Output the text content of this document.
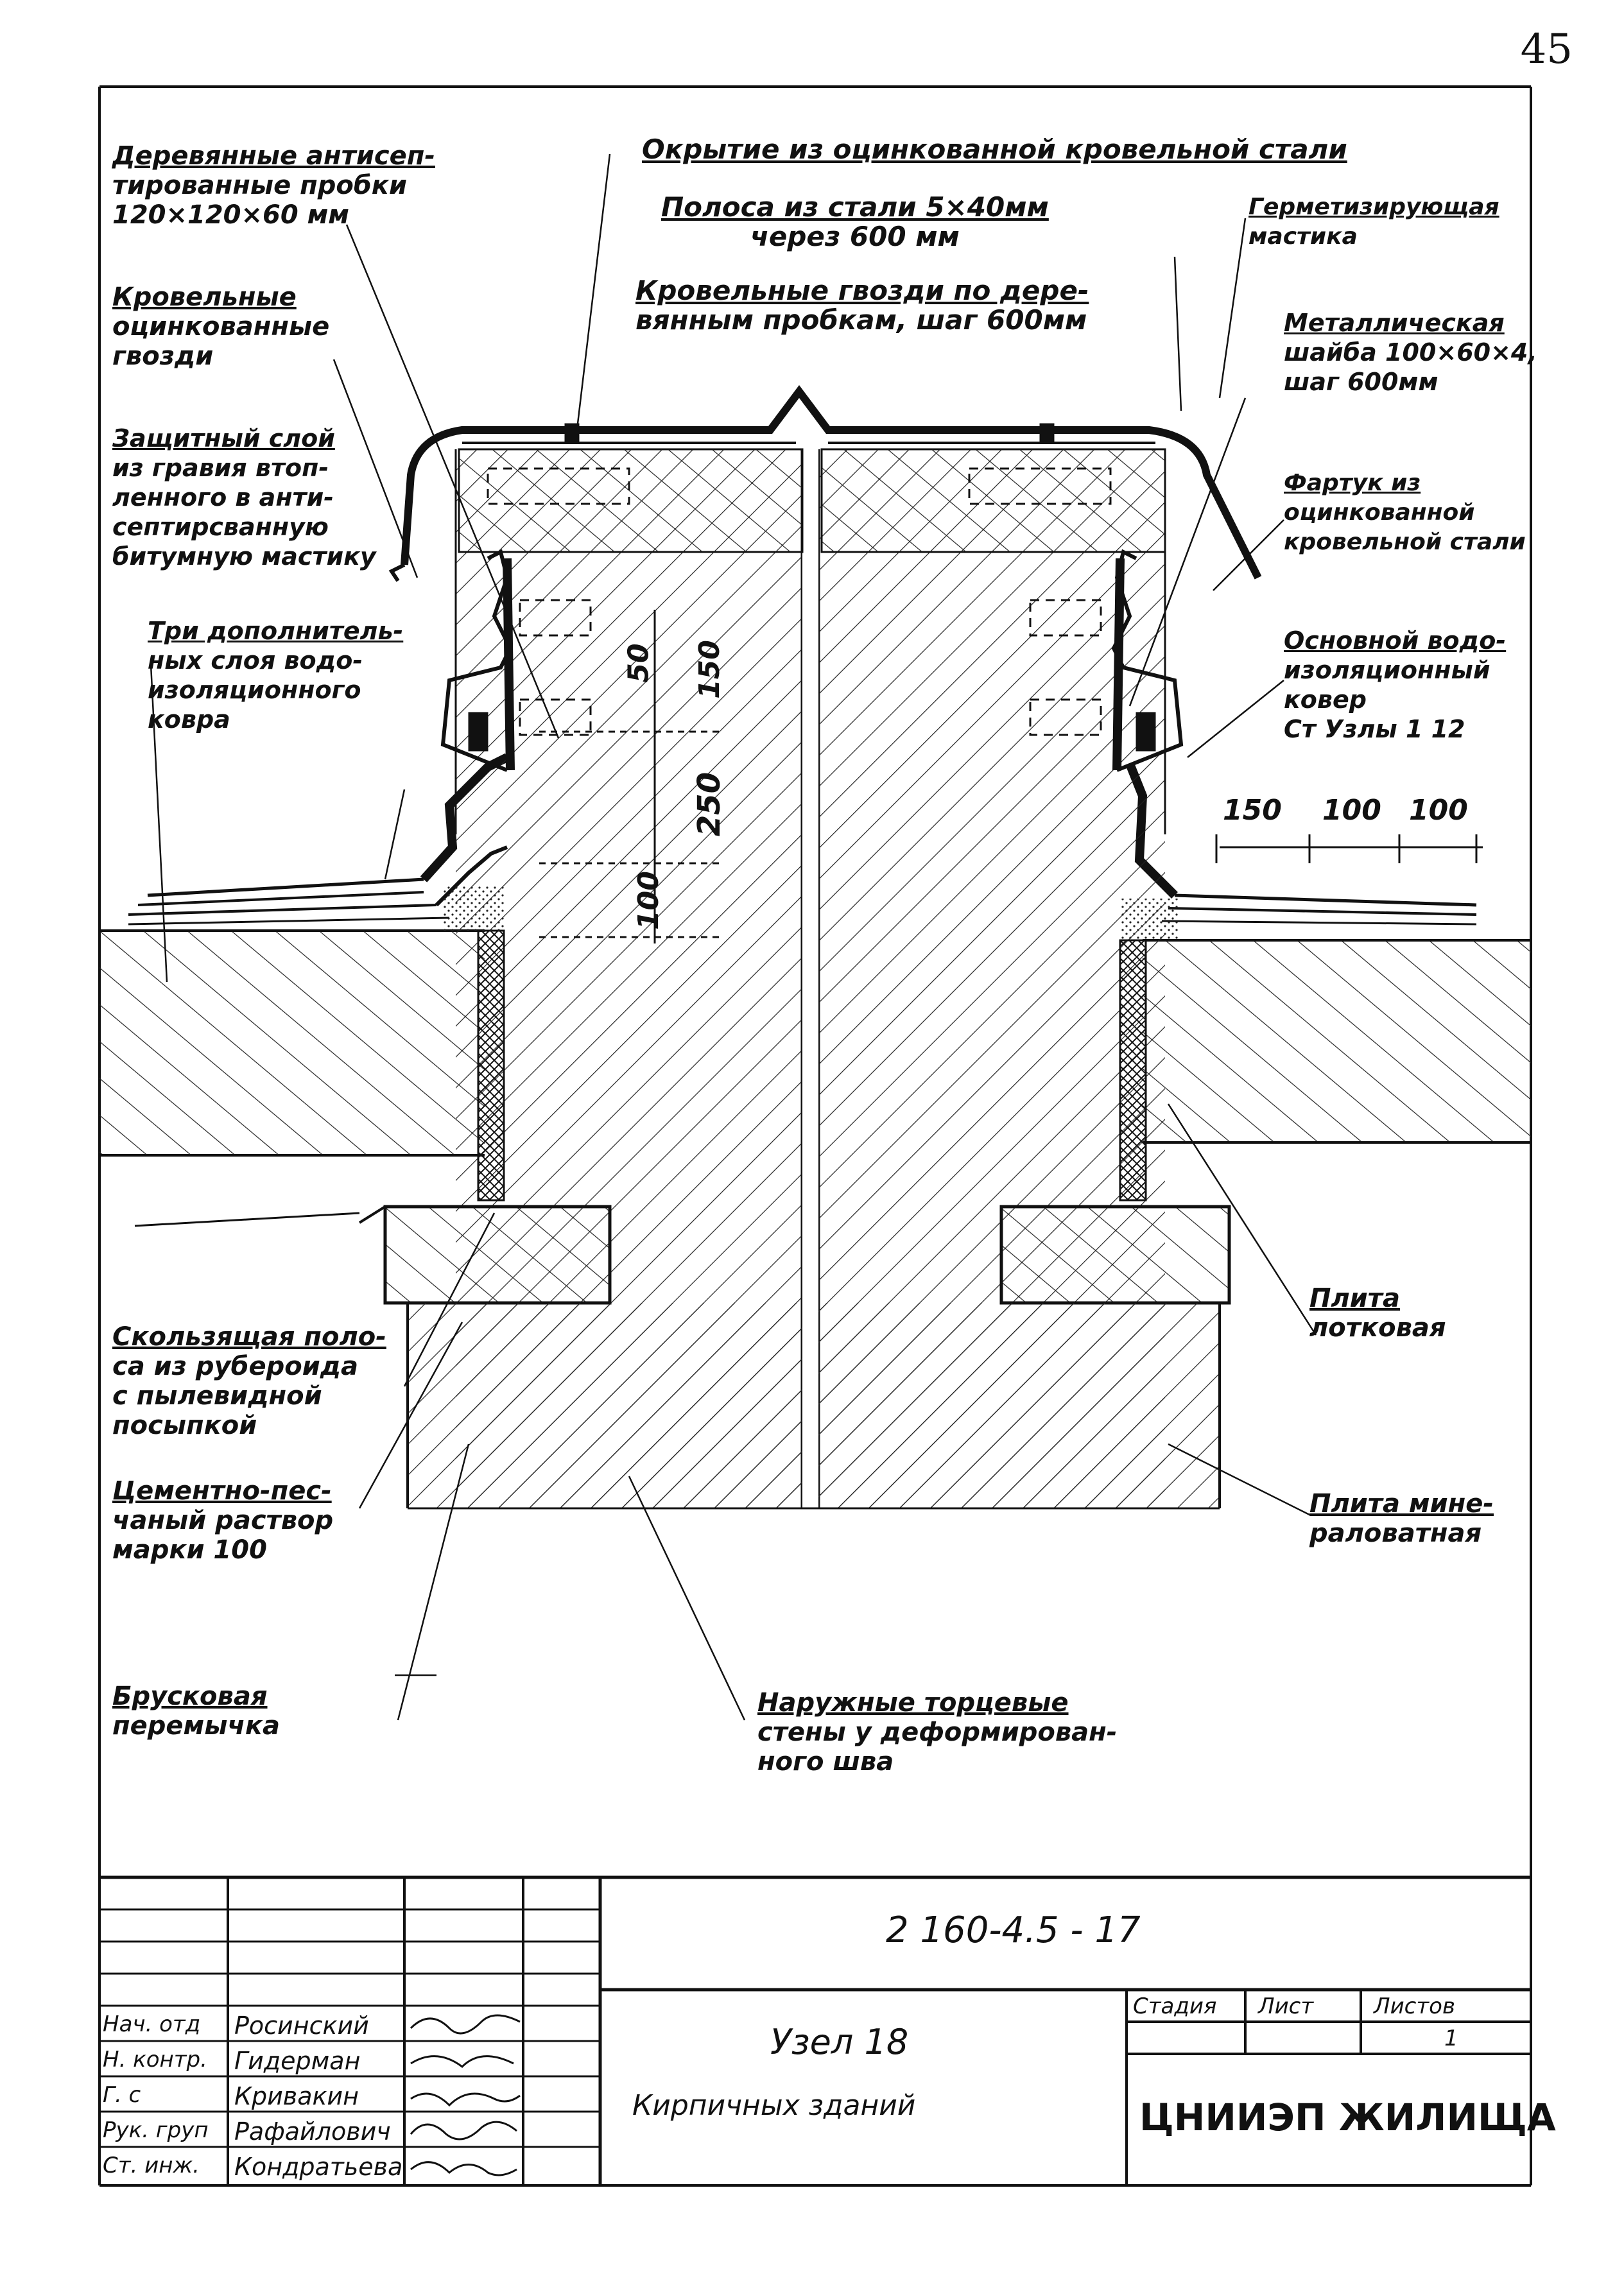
45
Деревянные антисеп-
тированные пробки
120×120×60 мм
Кровельные
оцинкованные
гвозди
Защитный слой
из гравия втоп-
ленного в анти-
септирсванную
битумную мастику
Три дополнитель-
ных слоя водо-
изоляционного
ковра
Окрытие из оцинкованной кровельной стали
Полоса из стали 5×40мм
через 600 мм
Кровельные гвозди по дере-
вянным пробкам, шаг 600мм
Герметизирующая
мастика
Металлическая
шайба 100×60×4,
шаг 600мм
Фартук из
оцинкованной
кровельной стали
Основной водо-
изоляционный
ковер
Ст Узлы 1 12
Плита
лотковая
Скользящая поло-
са из рубероида
с пылевидной
посыпкой
Цементно-пес-
чаный раствор
марки 100
Плита мине-
раловатная
Брусковая
перемычка
Наружные торцевые
стены у деформирован-
ного шва
50 150
250
100
150 100 100
2 160-4.5 - 17
Узел 18
Кирпичных зданий
Стадия Лист	Листов
1
ЦНИИЭП ЖИЛИЩА
Нач. отд Росинский
Н. контр. Гидерман
Г. с	Кривакин
Рук. груп Рафайлович
Ст. инж. Кондратьева
